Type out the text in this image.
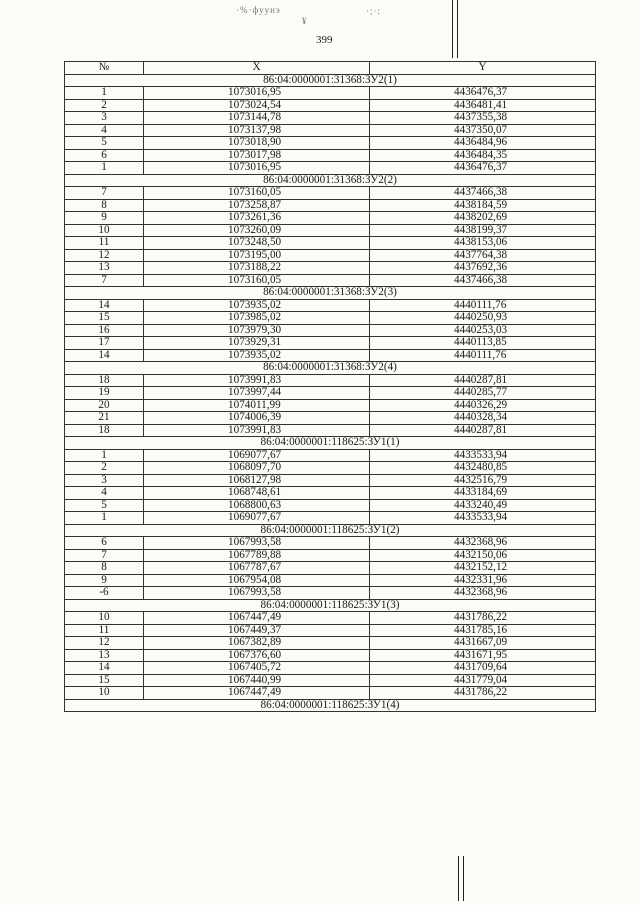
·%·фуунэ	·;·:
¥
399
№	X	Y
86:04:0000001:31368:ЗУ2(1)		
1	1073016,95	4436476,37
2	1073024,54	4436481,41
3	1073144,78	4437355,38
4	1073137,98	4437350,07
5	1073018,90	4436484,96
6	1073017,98	4436484,35
1	1073016,95	4436476,37
86:04:0000001:31368:ЗУ2(2)		
7	1073160,05	4437466,38
8	1073258,87	4438184,59
9	1073261,36	4438202,69
10	1073260,09	4438199,37
11	1073248,50	4438153,06
12	1073195,00	4437764,38
13	1073188,22	4437692,36
7	1073160,05	4437466,38
86:04:0000001:31368:ЗУ2(3)		
14	1073935,02	4440111,76
15	1073985,02	4440250,93
16	1073979,30	4440253,03
17	1073929,31	4440113,85
14	1073935,02	4440111,76
86:04:0000001:31368:ЗУ2(4)		
18	1073991,83	4440287,81
19	1073997,44	4440285,77
20	1074011,99	4440326,29
21	1074006,39	4440328,34
18	1073991,83	4440287,81
86:04:0000001:118625:ЗУ1(1)		
1	1069077,67	4433533,94
2	1068097,70	4432480,85
3	1068127,98	4432516,79
4	1068748,61	4433184,69
5	1068800,63	4433240,49
1	1069077,67	4433533,94
86:04:0000001:118625:ЗУ1(2)		
6	1067993,58	4432368,96
7	1067789,88	4432150,06
8	1067787,67	4432152,12
9	1067954,08	4432331,96
-6	1067993,58	4432368,96
86:04:0000001:118625:ЗУ1(3)		
10	1067447,49	4431786,22
11	1067449,37	4431785,16
12	1067382,89	4431667,09
13	1067376,60	4431671,95
14	1067405,72	4431709,64
15	1067440,99	4431779,04
10	1067447,49	4431786,22
86:04:0000001:118625:ЗУ1(4)		
